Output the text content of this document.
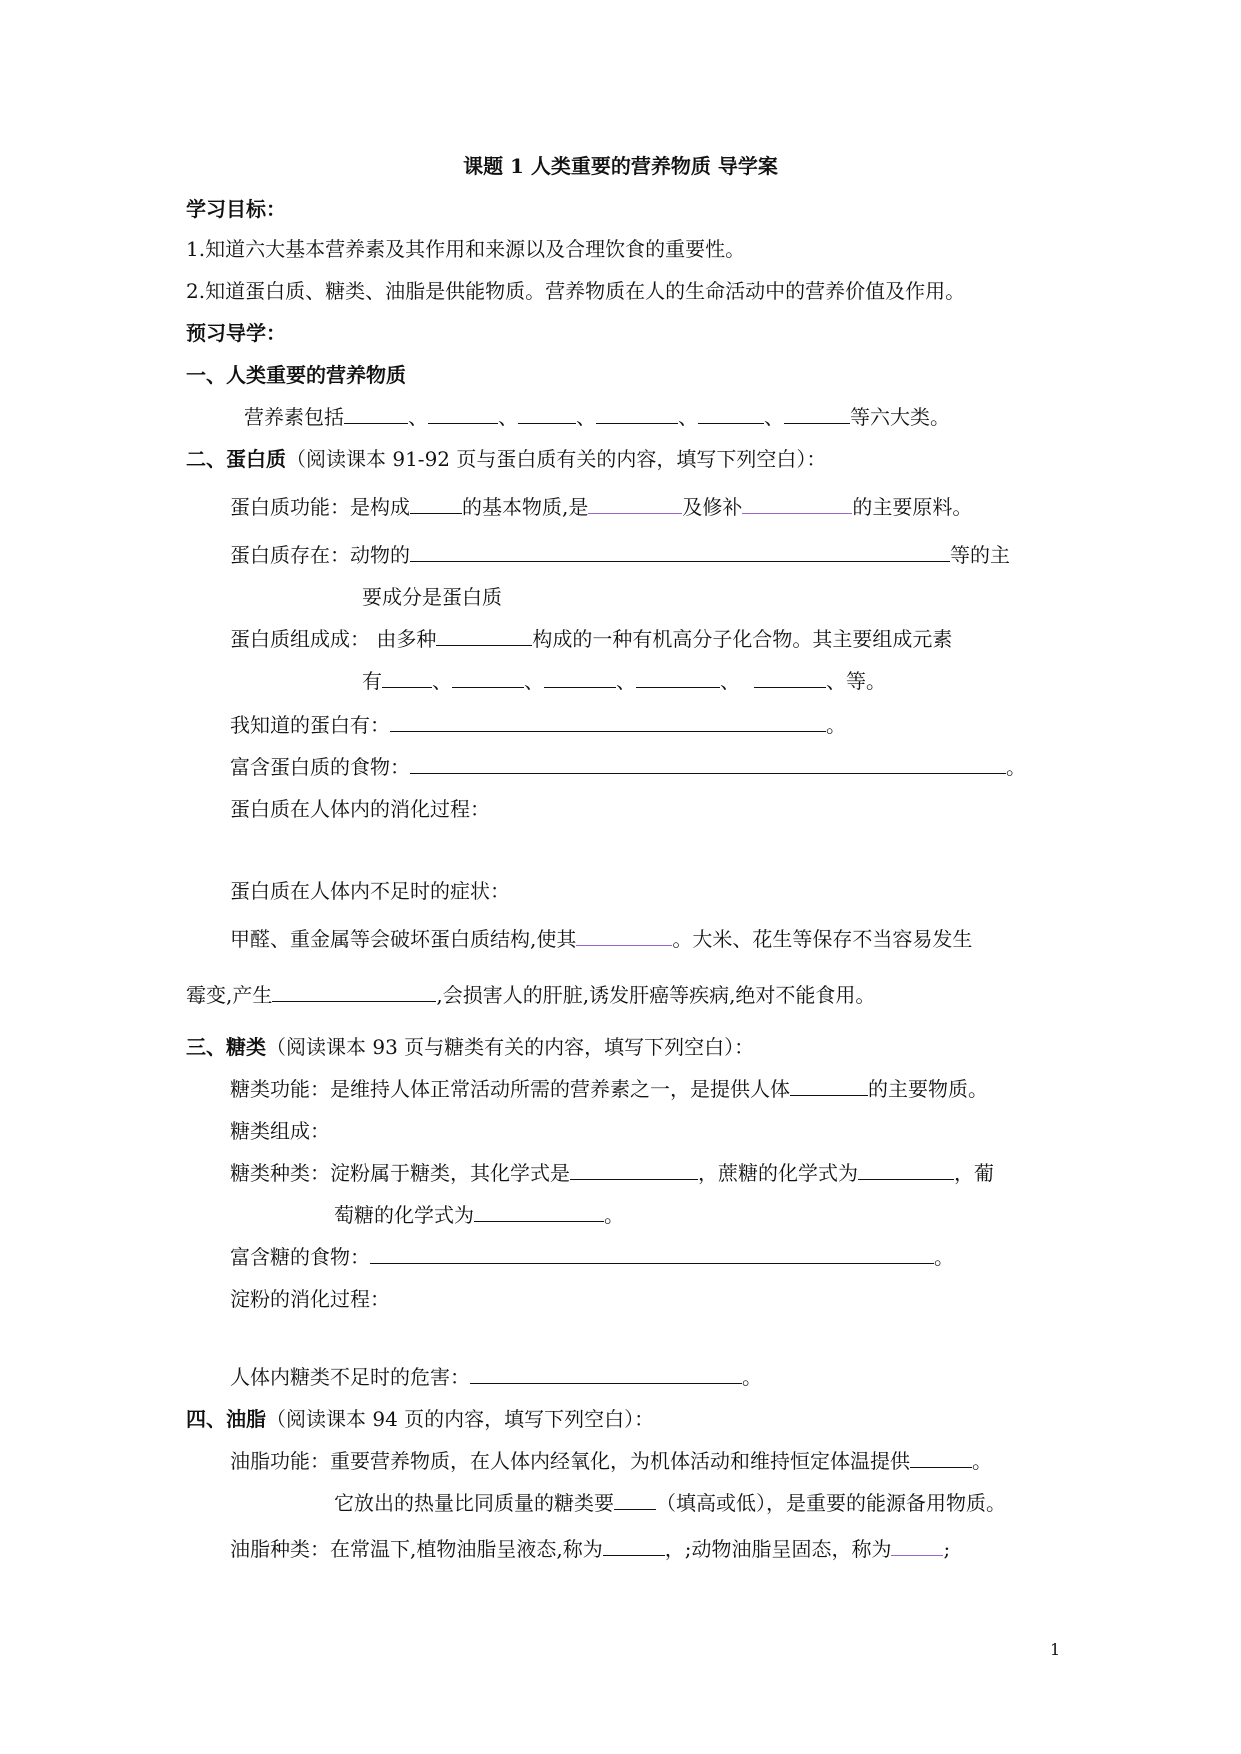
课题 1 人类重要的营养物质 导学案
学习目标：
1.知道六大基本营养素及其作用和来源以及合理饮食的重要性。
2.知道蛋白质、糖类、油脂是供能物质。营养物质在人的生命活动中的营养价值及作用。
预习导学：
一、人类重要的营养物质
营养素包括	、	、	、	、	、	等六大类。
二、蛋白质（阅读课本 91-92 页与蛋白质有关的内容，填写下列空白）：
蛋白质功能：是构成	的基本物质,是	及修补	的主要原料。
蛋白质存在：动物的	等的主
要成分是蛋白质
蛋白质组成成： 由多种	构成的一种有机高分子化合物。其主要组成元素
有	、	、	、	、	、等。
我知道的蛋白有：	。
富含蛋白质的食物：	。
蛋白质在人体内的消化过程：
蛋白质在人体内不足时的症状：
甲醛、重金属等会破坏蛋白质结构,使其	。大米、花生等保存不当容易发生
霉变,产生	,会损害人的肝脏,诱发肝癌等疾病,绝对不能食用。
三、糖类（阅读课本 93 页与糖类有关的内容，填写下列空白）：
糖类功能：是维持人体正常活动所需的营养素之一，是提供人体	的主要物质。
糖类组成：
糖类种类：淀粉属于糖类，其化学式是	，蔗糖的化学式为	，葡
萄糖的化学式为	。
富含糖的食物：	。
淀粉的消化过程：
人体内糖类不足时的危害：	。
四、油脂（阅读课本 94 页的内容，填写下列空白）：
油脂功能：重要营养物质，在人体内经氧化，为机体活动和维持恒定体温提供	。
它放出的热量比同质量的糖类要 （填高或低），是重要的能源备用物质。
油脂种类：在常温下,植物油脂呈液态,称为	，;动物油脂呈固态，称为	;
1
